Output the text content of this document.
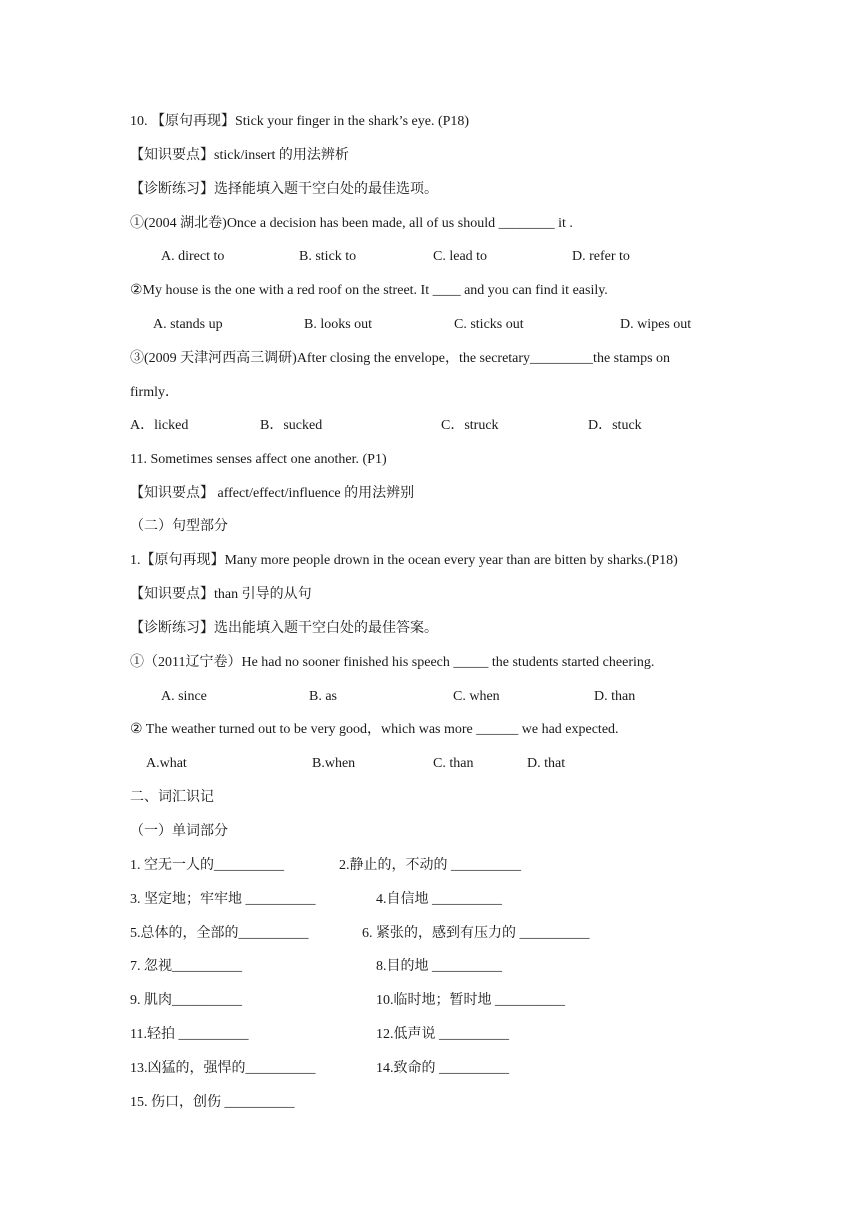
10. 【原句再现】Stick your finger in the shark’s eye. (P18)
【知识要点】stick/insert 的用法辨析
【诊断练习】选择能填入题干空白处的最佳选项。
①(2004 湖北卷)Once a decision has been made, all of us should ________ it .
A. direct to	B. stick to	C. lead to	D. refer to
②My house is the one with a red roof on the street. It ____ and you can find it easily.
A. stands up	B. looks out	C. sticks out	D. wipes out
③(2009 天津河西高三调研)After closing the envelope，the secretary_________the stamps on
firmly．
A．licked	B．sucked	C．struck	D．stuck
11. Sometimes senses affect one another. (P1)
【知识要点】 affect/effect/influence 的用法辨别
（二）句型部分
1.【原句再现】Many more people drown in the ocean every year than are bitten by sharks.(P18)
【知识要点】than 引导的从句
【诊断练习】选出能填入题干空白处的最佳答案。
①（2011辽宁卷）He had no sooner finished his speech _____ the students started cheering.
A. since	B. as	C. when	D. than
② The weather turned out to be very good，which was more ______ we had expected.
A.what	B.when	C. than	D. that
二、词汇识记
（一）单词部分
1. 空无一人的__________	2.静止的，不动的 __________
3. 坚定地；牢牢地 __________	4.自信地 __________
5.总体的，全部的__________	6. 紧张的，感到有压力的 __________
7. 忽视__________	8.目的地 __________
9. 肌肉__________	10.临时地；暂时地 __________
11.轻拍 __________	12.低声说 __________
13.凶猛的，强悍的__________	14.致命的 __________
15. 伤口，创伤 __________
